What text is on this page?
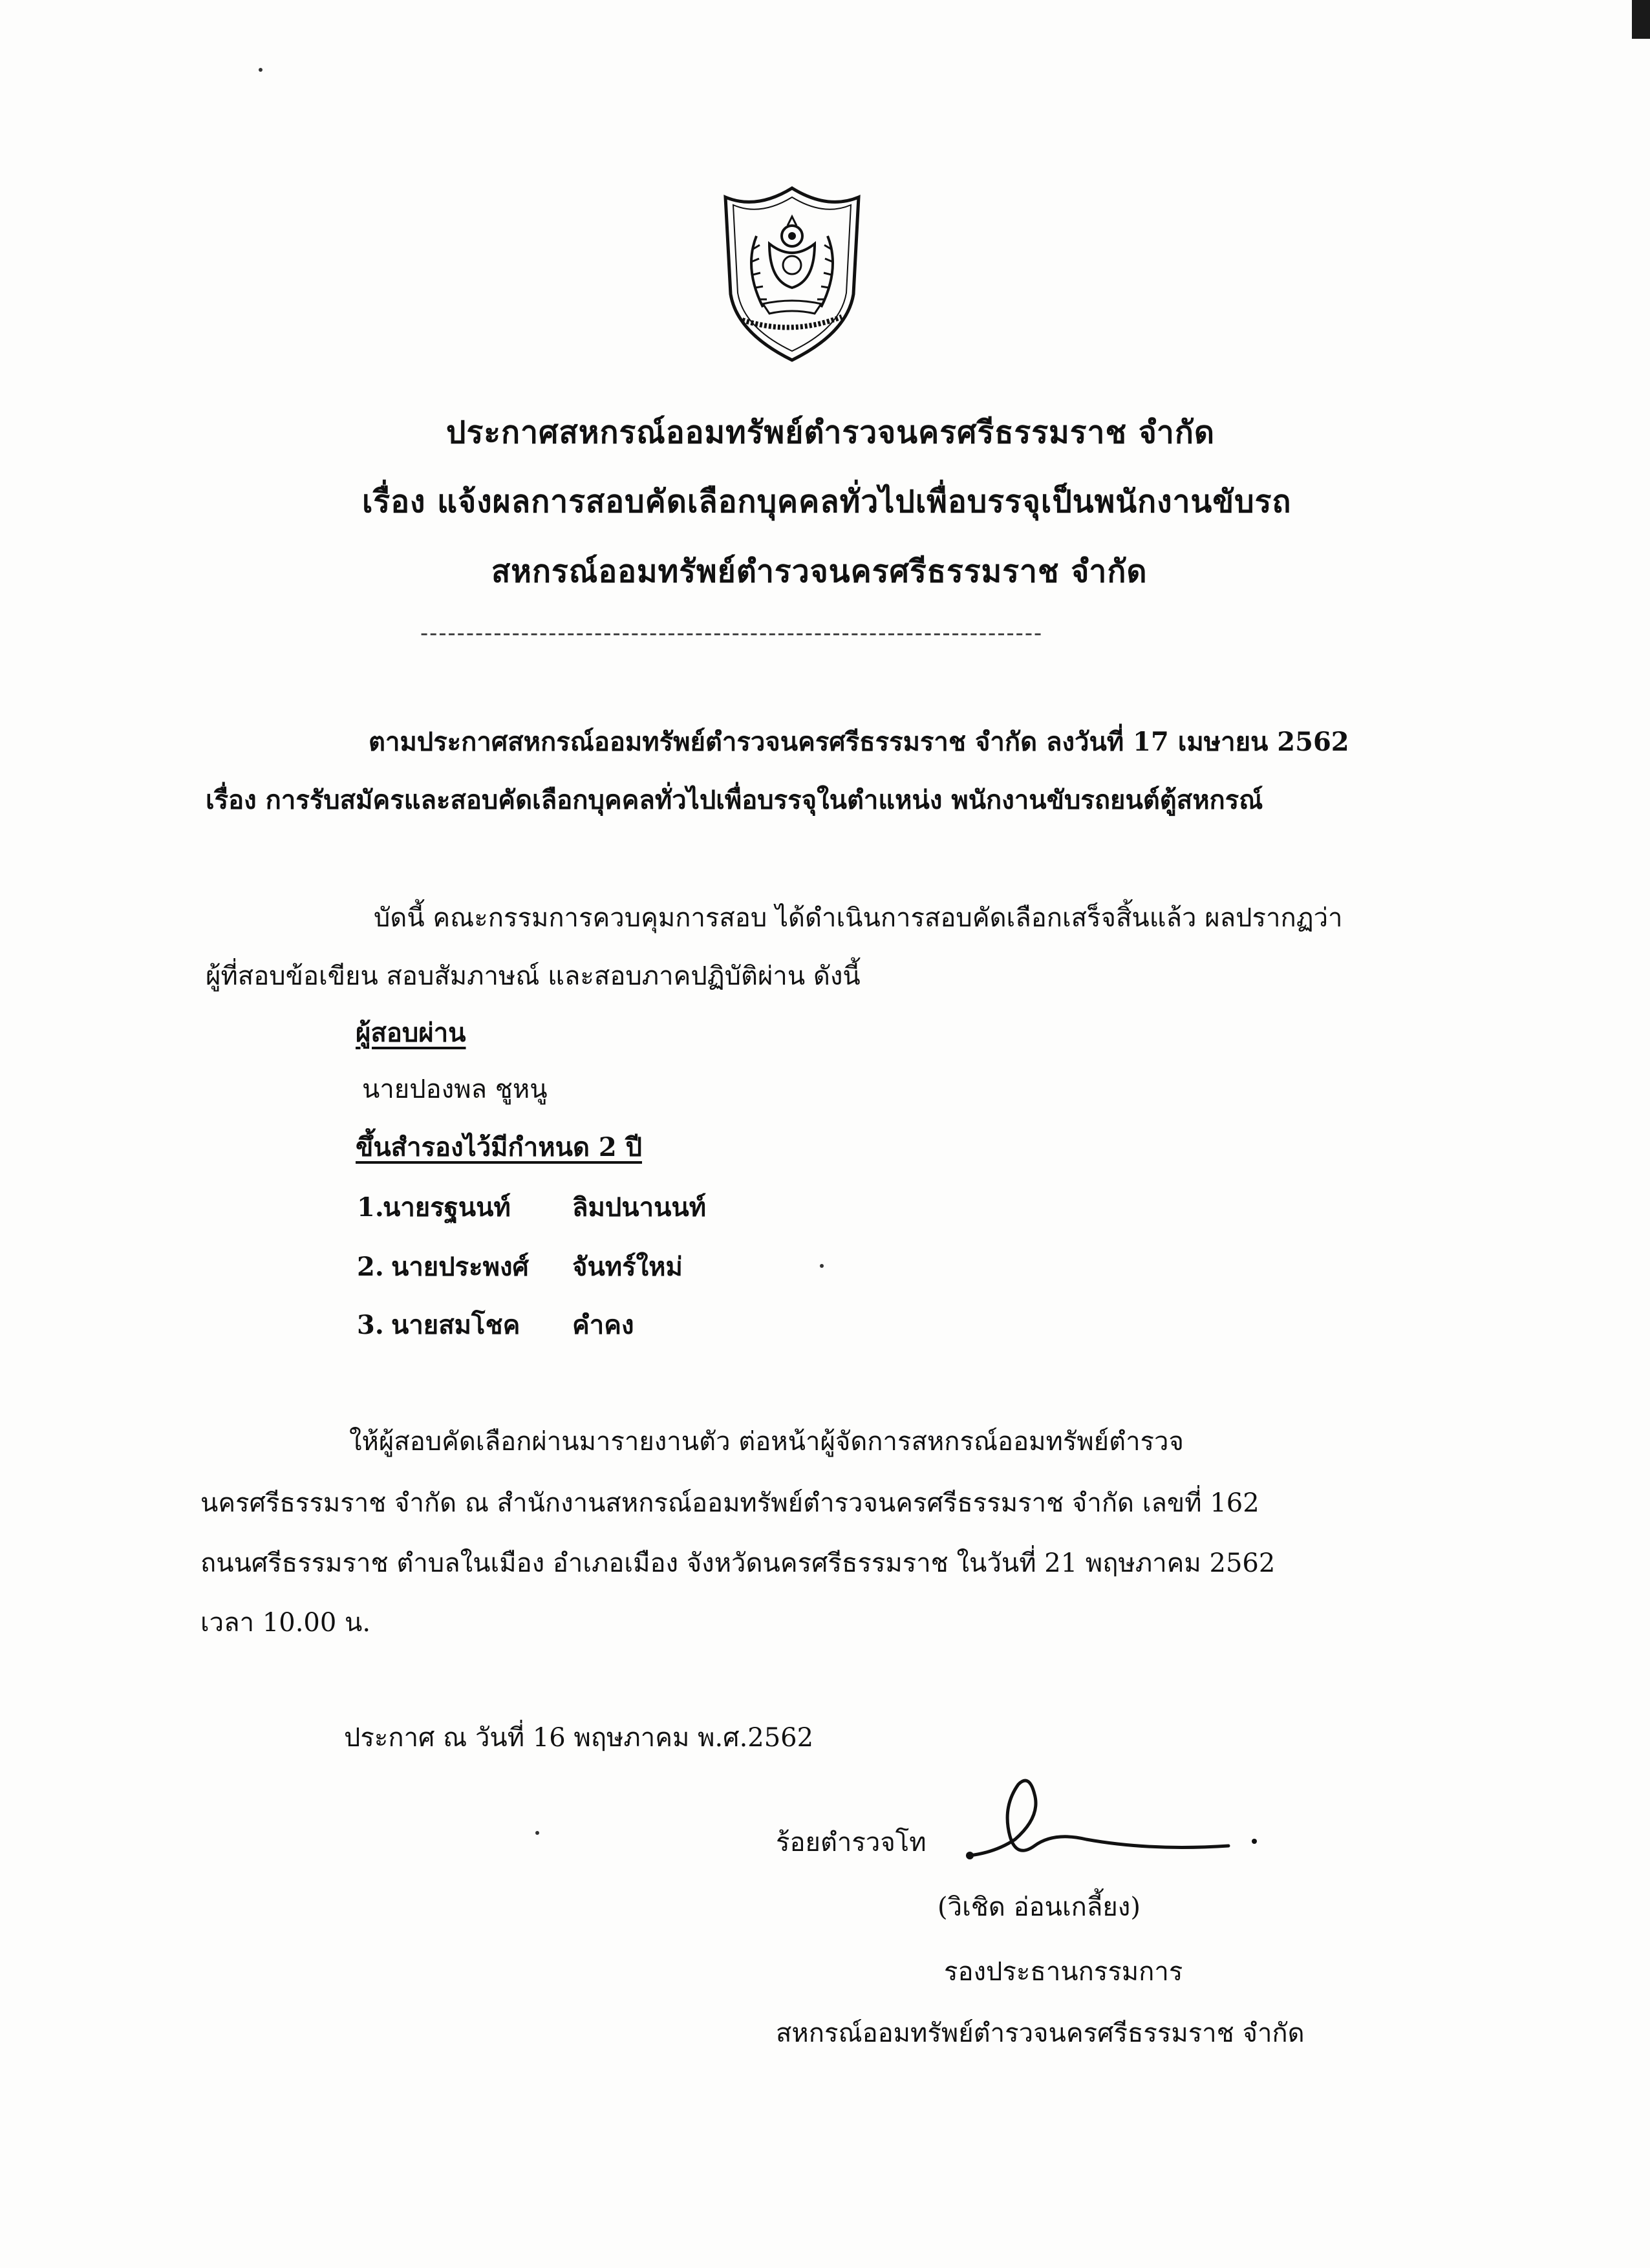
ประกาศสหกรณ์ออมทรัพย์ตำรวจนครศรีธรรมราช จำกัด
เรื่อง แจ้งผลการสอบคัดเลือกบุคคลทั่วไปเพื่อบรรจุเป็นพนักงานขับรถ
สหกรณ์ออมทรัพย์ตำรวจนครศรีธรรมราช จำกัด
--------------------------------------------------------------------
ตามประกาศสหกรณ์ออมทรัพย์ตำรวจนครศรีธรรมราช จำกัด ลงวันที่ 17 เมษายน 2562
เรื่อง การรับสมัครและสอบคัดเลือกบุคคลทั่วไปเพื่อบรรจุในตำแหน่ง พนักงานขับรถยนต์ตู้สหกรณ์
บัดนี้ คณะกรรมการควบคุมการสอบ ได้ดำเนินการสอบคัดเลือกเสร็จสิ้นแล้ว ผลปรากฏว่า
ผู้ที่สอบข้อเขียน สอบสัมภาษณ์ และสอบภาคปฏิบัติผ่าน ดังนี้
ผู้สอบผ่าน
นายปองพล ชูหนู
ขึ้นสำรองไว้มีกำหนด 2 ปี
1.
นายรฐนนท์ ลิมปนานนท์
2. นายประพงศ์ จันทร์ใหม่
3. นายสมโชค คำคง
ให้ผู้สอบคัดเลือกผ่านมารายงานตัว ต่อหน้าผู้จัดการสหกรณ์ออมทรัพย์ตำรวจ
นครศรีธรรมราช จำกัด ณ สำนักงานสหกรณ์ออมทรัพย์ตำรวจนครศรีธรรมราช จำกัด เลขที่ 162
ถนนศรีธรรมราช ตำบลในเมือง อำเภอเมือง จังหวัดนครศรีธรรมราช ในวันที่ 21 พฤษภาคม 2562
เวลา 10.00 น.
ประกาศ ณ วันที่ 16 พฤษภาคม พ.ศ.2562
ร้อยตำรวจโท
(วิเชิด อ่อนเกลี้ยง)
รองประธานกรรมการ
สหกรณ์ออมทรัพย์ตำรวจนครศรีธรรมราช จำกัด
